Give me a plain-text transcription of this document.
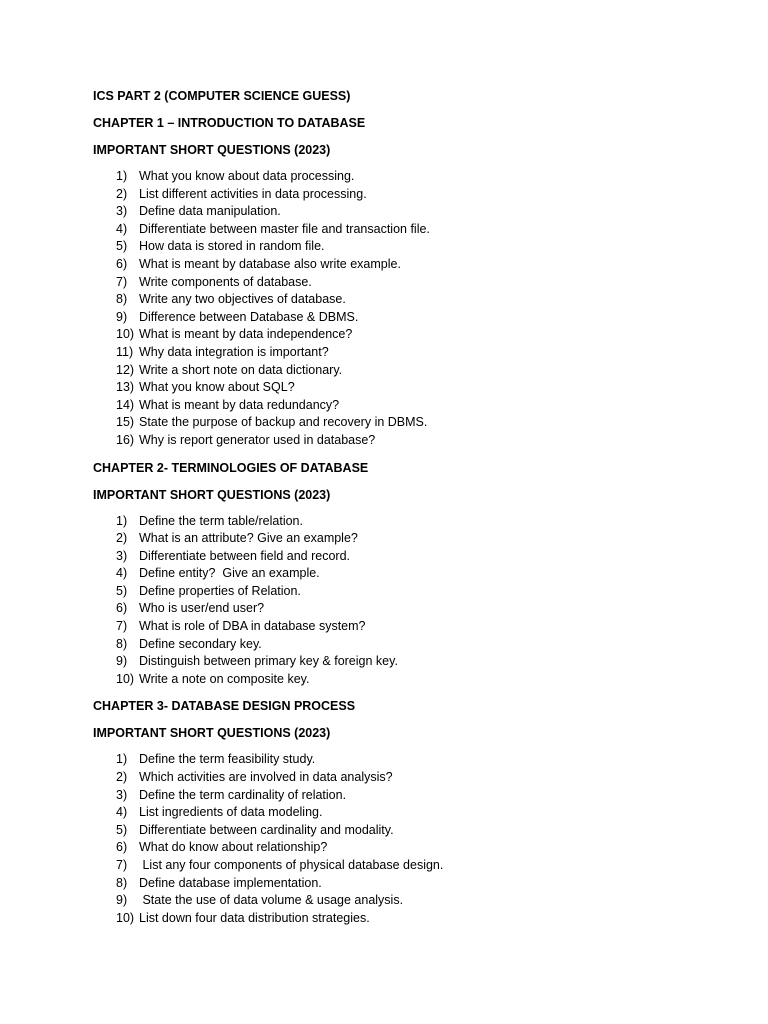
ICS PART 2 (COMPUTER SCIENCE GUESS)

CHAPTER 1 – INTRODUCTION TO DATABASE

IMPORTANT SHORT QUESTIONS (2023)

1) What you know about data processing.
2) List different activities in data processing.
3) Define data manipulation.
4) Differentiate between master file and transaction file.
5) How data is stored in random file.
6) What is meant by database also write example.
7) Write components of database.
8) Write any two objectives of database.
9) Difference between Database & DBMS.
10) What is meant by data independence?
11) Why data integration is important?
12) Write a short note on data dictionary.
13) What you know about SQL?
14) What is meant by data redundancy?
15) State the purpose of backup and recovery in DBMS.
16) Why is report generator used in database?

CHAPTER 2- TERMINOLOGIES OF DATABASE

IMPORTANT SHORT QUESTIONS (2023)

1) Define the term table/relation.
2) What is an attribute? Give an example?
3) Differentiate between field and record.
4) Define entity?  Give an example.
5) Define properties of Relation.
6) Who is user/end user?
7) What is role of DBA in database system?
8) Define secondary key.
9) Distinguish between primary key & foreign key.
10) Write a note on composite key.

CHAPTER 3- DATABASE DESIGN PROCESS

IMPORTANT SHORT QUESTIONS (2023)

1) Define the term feasibility study.
2) Which activities are involved in data analysis?
3) Define the term cardinality of relation.
4) List ingredients of data modeling.
5) Differentiate between cardinality and modality.
6) What do know about relationship?
7) List any four components of physical database design.
8) Define database implementation.
9) State the use of data volume & usage analysis.
10) List down four data distribution strategies.
